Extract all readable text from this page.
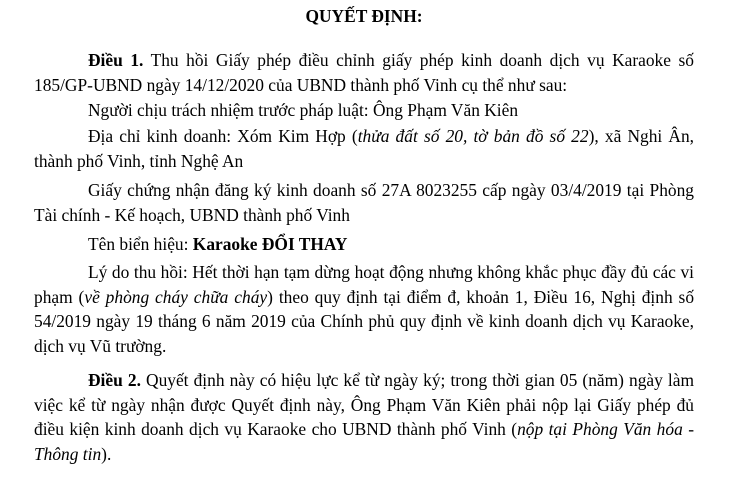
QUYẾT ĐỊNH:
Điều 1. Thu hồi Giấy phép điều chỉnh giấy phép kinh doanh dịch vụ Karaoke số 185/GP-UBND ngày 14/12/2020 của UBND thành phố Vinh cụ thể như sau:
Người chịu trách nhiệm trước pháp luật: Ông Phạm Văn Kiên
Địa chỉ kinh doanh: Xóm Kim Hợp (thửa đất số 20, tờ bản đồ số 22), xã Nghi Ân, thành phố Vinh, tỉnh Nghệ An
Giấy chứng nhận đăng ký kinh doanh số 27A 8023255 cấp ngày 03/4/2019 tại Phòng Tài chính - Kế hoạch, UBND thành phố Vinh
Tên biển hiệu: Karaoke ĐỔI THAY
Lý do thu hồi: Hết thời hạn tạm dừng hoạt động nhưng không khắc phục đầy đủ các vi phạm (về phòng cháy chữa cháy) theo quy định tại điểm đ, khoản 1, Điều 16, Nghị định số 54/2019 ngày 19 tháng 6 năm 2019 của Chính phủ quy định về kinh doanh dịch vụ Karaoke, dịch vụ Vũ trường.
Điều 2. Quyết định này có hiệu lực kể từ ngày ký; trong thời gian 05 (năm) ngày làm việc kể từ ngày nhận được Quyết định này, Ông Phạm Văn Kiên phải nộp lại Giấy phép đủ điều kiện kinh doanh dịch vụ Karaoke cho UBND thành phố Vinh (nộp tại Phòng Văn hóa - Thông tin).
